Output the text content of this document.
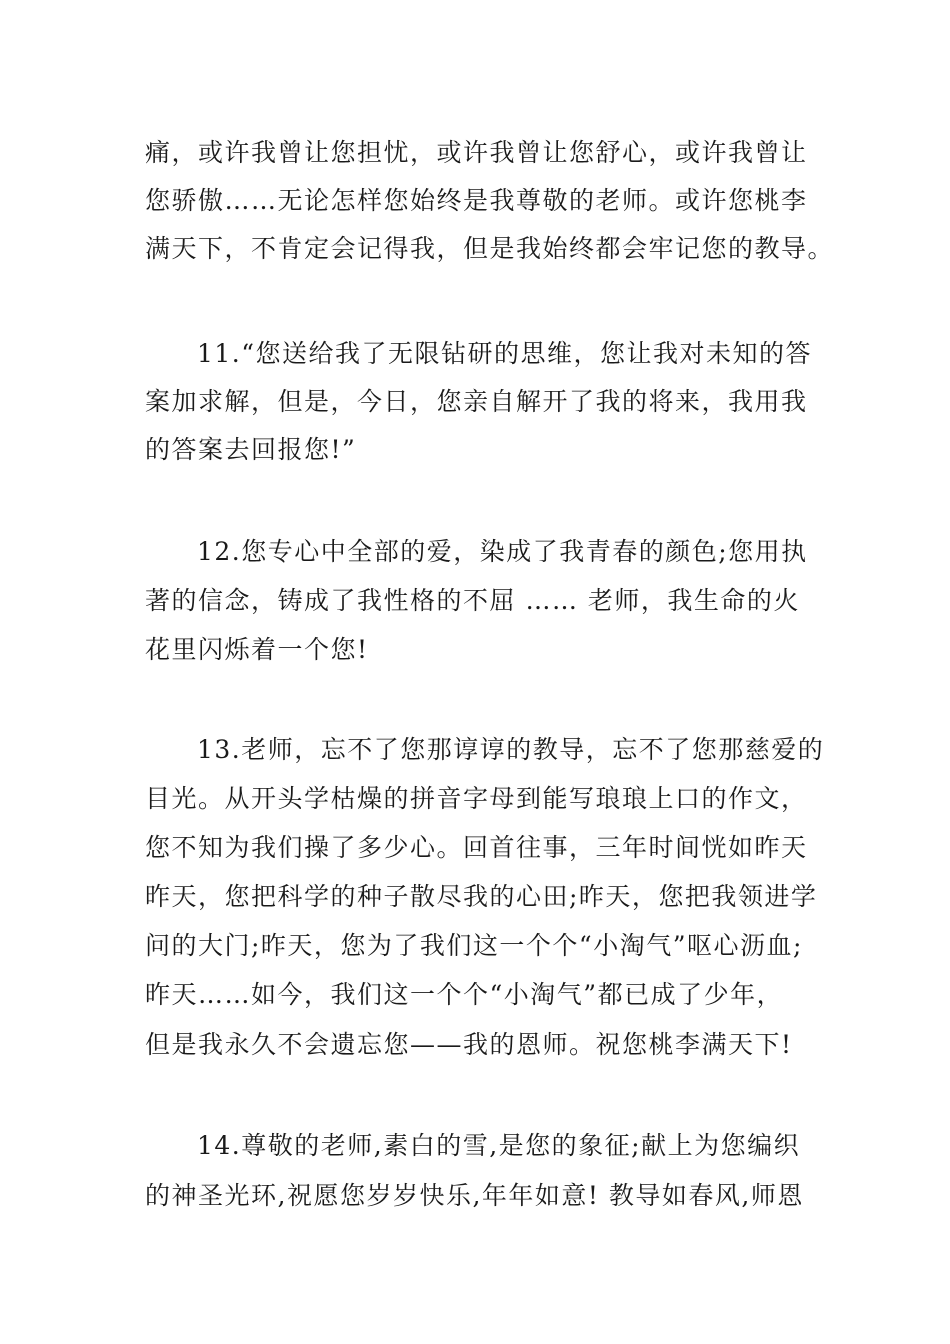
痛，或许我曾让您担忧，或许我曾让您舒心，或许我曾让
您骄傲……无论怎样您始终是我尊敬的老师。或许您桃李
满天下，不肯定会记得我，但是我始终都会牢记您的教导。
11.“您送给我了无限钻研的思维，您让我对未知的答
案加求解，但是，今日，您亲自解开了我的将来，我用我
的答案去回报您!”
12.您专心中全部的爱，染成了我青春的颜色;您用执
著的信念，铸成了我性格的不屈 …… 老师，我生命的火
花里闪烁着一个您!
13.老师，忘不了您那谆谆的教导，忘不了您那慈爱的
目光。从开头学枯燥的拼音字母到能写琅琅上口的作文，
您不知为我们操了多少心。回首往事，三年时间恍如昨天
昨天，您把科学的种子散尽我的心田;昨天，您把我领进学
问的大门;昨天，您为了我们这一个个“小淘气”呕心沥血;
昨天……如今，我们这一个个“小淘气”都已成了少年，
但是我永久不会遗忘您——我的恩师。祝您桃李满天下!
14.尊敬的老师,素白的雪,是您的象征;献上为您编织
的神圣光环,祝愿您岁岁快乐,年年如意! 教导如春风,师恩
